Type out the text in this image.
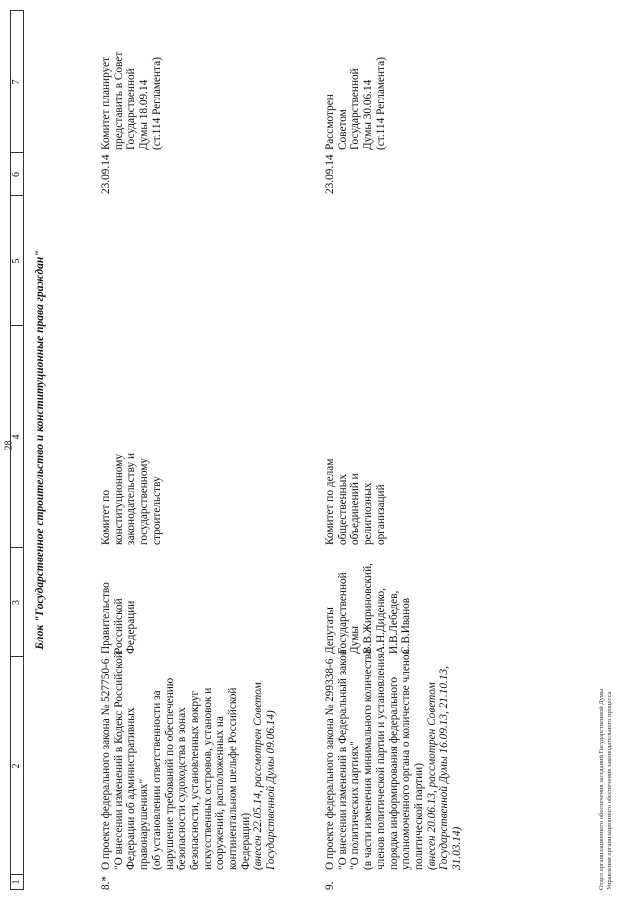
28
1
2
3
4
5
6
7
Блок "Государственное строительство и конституционные права граждан"
8.*
О проекте федерального закона № 527750-6 "О внесении изменений в Кодекс Российской Федерации об административных правонарушениях" (об установлении ответственности за нарушение требований по обеспечению безопасности судоходства в зонах безопасности, установленных вокруг искусственных островов, установок и сооружений, расположенных на континентальном шельфе Российской Федерации) (внесен 22.05.14, рассмотрен Советом Государственной Думы 09.06.14)
Правительство Российской Федерации
Комитет по конституционному законодательству и государственному строительству
23.09.14
Комитет планирует представить в Совет Государственной Думы 18.09.14 (ст.114 Регламента)
9.
О проекте федерального закона № 299338-6 "О внесении изменений в Федеральный закон "О политических партиях" (в части изменения минимального количества членов политической партии и установления порядка информирования федерального уполномоченного органа о количестве членов политической партии) (внесен 20.06.13, рассмотрен Советом Государственной Думы 16.09.13, 21.10.13, 31.03.14)
Депутаты Государственной Думы В.В.Жириновский, А.Н.Диденко, И.В.Лебедев, С.В.Иванов
Комитет по делам общественных объединений и религиозных организаций
23.09.14
Рассмотрен Советом Государственной Думы 30.06.14 (ст.114 Регламента)
Отдел организационного обеспечения заседаний Государственной Думы Управления организационного обеспечения законодательного процесса
